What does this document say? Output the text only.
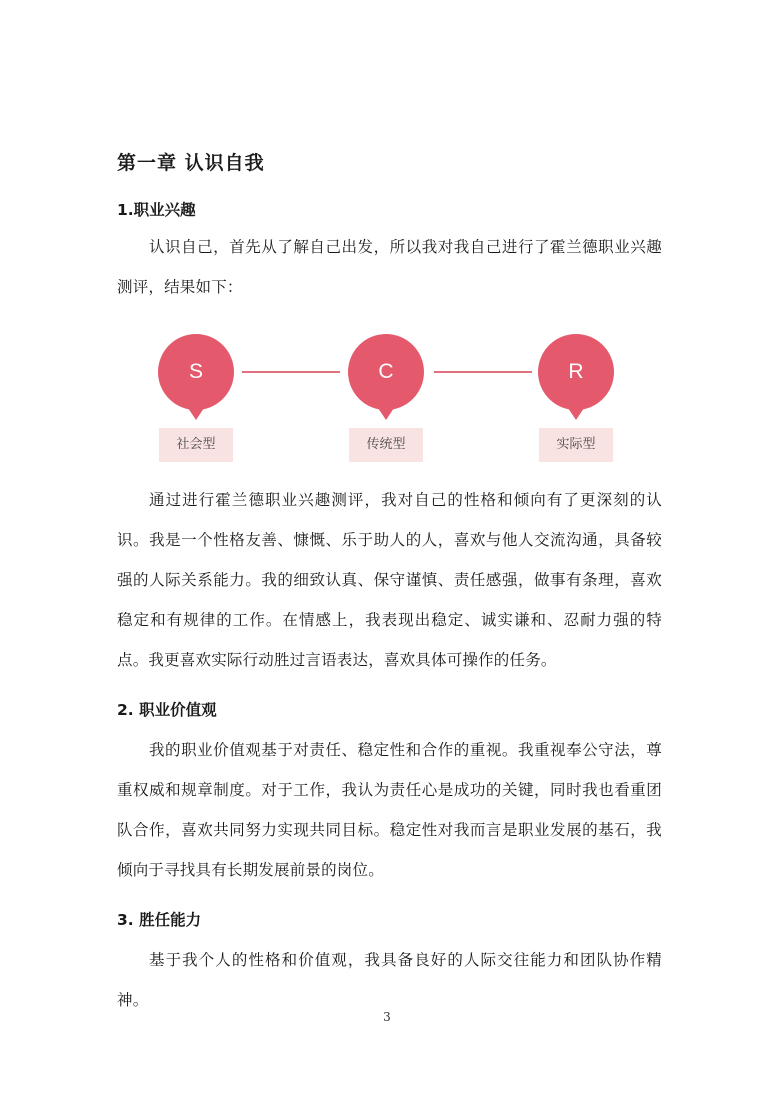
第一章 认识自我
1.职业兴趣

认识自己，首先从了解自己出发，所以我对我自己进行了霍兰德职业兴趣测评，结果如下：

S
社会型
C
传统型
R
实际型

通过进行霍兰德职业兴趣测评，我对自己的性格和倾向有了更深刻的认识。我是一个性格友善、慷慨、乐于助人的人，喜欢与他人交流沟通，具备较强的人际关系能力。我的细致认真、保守谨慎、责任感强，做事有条理，喜欢稳定和有规律的工作。在情感上，我表现出稳定、诚实谦和、忍耐力强的特点。我更喜欢实际行动胜过言语表达，喜欢具体可操作的任务。

2. 职业价值观

我的职业价值观基于对责任、稳定性和合作的重视。我重视奉公守法，尊重权威和规章制度。对于工作，我认为责任心是成功的关键，同时我也看重团队合作，喜欢共同努力实现共同目标。稳定性对我而言是职业发展的基石，我倾向于寻找具有长期发展前景的岗位。

3. 胜任能力

基于我个人的性格和价值观，我具备良好的人际交往能力和团队协作精神。

3
